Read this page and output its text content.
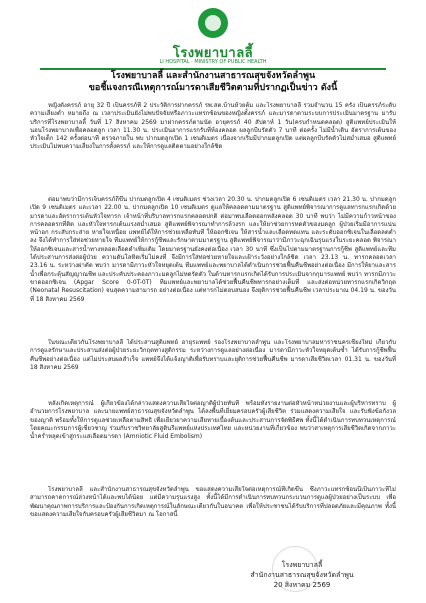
โรงพยาบาลลี้
LI HOSPITAL · MINISTRY OF PUBLIC HEALTH
โรงพยาบาลลี้ และสำนักงานสาธารณสุขจังหวัดลำพูน
ขอชี้แจงกรณีเหตุการณ์มารดาเสียชีวิตตามที่ปรากฏเป็นข่าว ดังนี้

หญิงตั้งครรภ์ อายุ 32 ปี เป็นครรภ์ที่ 2 ประวัติการฝากครรภ์ รพ.สต.บ้านห้วยต้ม และโรงพยาบาลลี้ รวมจำนวน 15 ครั้ง เป็นครรภ์ระดับความเสี่ยงต่ำ หมายถึง ณ เวลาประเมินยังไม่พบปัจจัยหรือภาวะแทรกซ้อนของหญิงตั้งครรภ์ และมารดาตามระบบการประเมินมาตรฐาน มารับบริการที่โรงพยาบาลลี้ วันที่ 17 สิงหาคม 2569 มาฝากครรภ์ตามนัด อายุครรภ์ 40 สัปดาห์ 1 วัน(ครบกำหนดคลอด) สูติแพทย์ประเมินให้นอนโรงพยาบาลเพื่อคลอดลูก เวลา 11.30 น. ประเมินอาการแรกรับที่ห้องคลอด ผลลูกบีบรัดตัว 7 นาที ต่อครั้ง ไม่มีน้ำเดิน อัตราการเต้นของหัวใจเด็ก 142 ครั้งต่อนาที ตรวจภายใน พบ ปากมดลูกเปิด 1 เซนติเมตร เนื่องจากเริ่มมีปากมดลูกเปิด แต่ผลลูกบีบรัดตัวไม่สม่ำเสมอ สูติแพทย์ประเมินไม่พบความเสี่ยงในการตั้งครรภ์ และให้การดูแลติดตามอย่างใกล้ชิด

ต่อมาพบว่ามีการเจ็บครรภ์ถี่ขึ้น ปากมดลูกเปิด 4 เซนติเมตร ช่วงเวลา 20.30 น. ปากมดลูกเปิด 6 เซนติเมตร เวลา 21.30 น. ปากมดลูกเปิด 9 เซนติเมตร และเวลา 22.00 น. ปากมดลูกเปิด 10 เซนติเมตร ดูแลให้คลอดตามมาตรฐาน สูติแพทย์พิจารณาการดูแลทารกแรกเกิดด้วยมารดาและอัตราการเต้นหัวใจทารก เจ้าหน้าที่บริบาลทารกแรกคลอดปกติ ต่อมาพบเลือดออกหลังคลอด 30 นาที พบว่า ไม่มีความก้าวหน้าของการคลอดรกที่ติด และหัวใจทารกเต้นแรงสม่ำเสมอ สูติแพทย์พิจารณาทำการล้วงรก และให้ยาช่วยการหดตัวของมดลูก ผู้ป่วยเริ่มมีอาการแน่นหน้าอก กระสับกระส่าย หายใจเหนื่อย แพทย์ได้ให้การช่วยเหลือทันที ให้ออกซิเจน ให้สารน้ำและเลือดทดแทน และระดับออกซิเจนในเลือดลดต่ำลง จึงได้ทำการใส่ท่อช่วยหายใจ ทีมแพทย์ให้การกู้ชีพและรักษาตามมาตรฐาน สูติแพทย์พิจารณาว่ามีภาวะฉุกเฉินรุนแรงในระยะคลอด พิจารณาให้ออกซิเจนและสารน้ำทางหลอดเลือดดำเพิ่มเติม โดยมาตรฐานยังคงต่อเนื่อง เวลา 30 นาที ซึ่งเป็นไปตามมาตรฐานการกู้ชีพ สูติแพทย์และทีมได้ประสานการส่งต่อผู้ป่วย ความดันโลหิตเริ่มไม่คงที่ จึงมีการใส่ท่อช่วยหายใจและเฝ้าระวังอย่างใกล้ชิด เวลา 23.13 น. ทารกคลอดเวลา 23.16 น. ระหว่างผ่าตัด พบว่า มารดามีภาวะหัวใจหยุดเต้น ทีมแพทย์และพยาบาลได้ดำเนินการช่วยฟื้นคืนชีพอย่างต่อเนื่อง มีการให้ยาและสารน้ำเพื่อกระตุ้นสัญญาณชีพ และประคับประคองภาวะมดลูกไม่หดรัดตัว ในด้านทารกแรกเกิดได้รับการประเมินจากกุมารแพทย์ พบว่า ทารกมีภาวะขาดออกซิเจน (Apgar Score 0-0T-0T) ทีมแพทย์และพยาบาลได้ช่วยฟื้นคืนชีพทารกอย่างเต็มที่ และส่งต่อหน่วยทารกแรกเกิดวิกฤต (Neonatal Resuscitation) จนสุดความสามารถ อย่างต่อเนื่อง แต่ทารกไม่ตอบสนอง จึงยุติการช่วยฟื้นคืนชีพ เวลาประมาณ 04.19 น. ของวันที่ 18 สิงหาคม 2569

ในขณะเดียวกันโรงพยาบาลลี้ ได้ประสานสูติแพทย์ อายุรแพทย์ รองโรงพยาบาลลำพูน และโรงพยาบาลมหาราชนครเชียงใหม่ เกี่ยวกับการดูแลรักษาและประสานส่งต่อผู้ป่วยระยะวิกฤตทางสูติกรรม ระหว่างการดูแลอย่างต่อเนื่อง มารดามีภาวะหัวใจหยุดเต้นซ้ำ ได้รับการกู้ชีพฟื้นคืนชีพอย่างต่อเนื่อง แต่ไม่ประสบผลสำเร็จ แพทย์จึงได้แจ้งญาติเพื่อรับทราบและยุติการช่วยฟื้นคืนชีพ มารดาเสียชีวิตเวลา 01.31 น. ของวันที่ 18 สิงหาคม 2569

หลังเกิดเหตุการณ์ ผู้เกี่ยวข้องได้กล่าวแสดงความเสียใจต่อญาติผู้ป่วยทันที พร้อมทั้งรายงานต่อหัวหน้าหน่วยงานและผู้บริหารทราบ ผู้อำนวยการโรงพยาบาล และนายแพทย์สาธารณสุขจังหวัดลำพูน ได้ลงพื้นที่เยี่ยมครอบครัวผู้เสียชีวิต ร่วมแสดงความเสียใจ และรับฟังข้อกังวลของญาติ พร้อมทั้งให้การดูแลช่วยเหลือตามสิทธิ เพื่อเยียวยาความเสียหายเบื้องต้นและประสานการจัดพิธีศพ ทั้งนี้ได้ดำเนินการทบทวนเหตุการณ์โดยคณะกรรมการผู้เชี่ยวชาญ ร่วมกับราชวิทยาลัยสูตินรีแพทย์แห่งประเทศไทย และหน่วยงานที่เกี่ยวข้อง พบว่าสาเหตุการเสียชีวิตเกิดจากภาวะน้ำคร่ำหลุดเข้าสู่กระแสเลือดมารดา (Amniotic Fluid Embolism)

โรงพยาบาลลี้ และสำนักงานสาธารณสุขจังหวัดลำพูน ขอแสดงความเสียใจต่อเหตุการณ์ที่เกิดขึ้น ซึ่งภาวะแทรกซ้อนนี้เป็นภาวะที่ไม่สามารถคาดการณ์ล่วงหน้าได้และพบได้น้อย แต่มีความรุนแรงสูง ทั้งนี้ได้มีการดำเนินการทบทวนกระบวนการดูแลผู้ป่วยอย่างเป็นระบบ เพื่อพัฒนาคุณภาพการบริการและป้องกันการเกิดเหตุการณ์ในลักษณะเดียวกันในอนาคต เพื่อให้ประชาชนได้รับบริการที่ปลอดภัยและมีคุณภาพ ทั้งนี้ขอแสดงความเสียใจกับครอบครัวผู้เสียชีวิตมา ณ โอกาสนี้

โรงพยาบาลลี้
สำนักงานสาธารณสุขจังหวัดลำพูน
20 สิงหาคม 2569
